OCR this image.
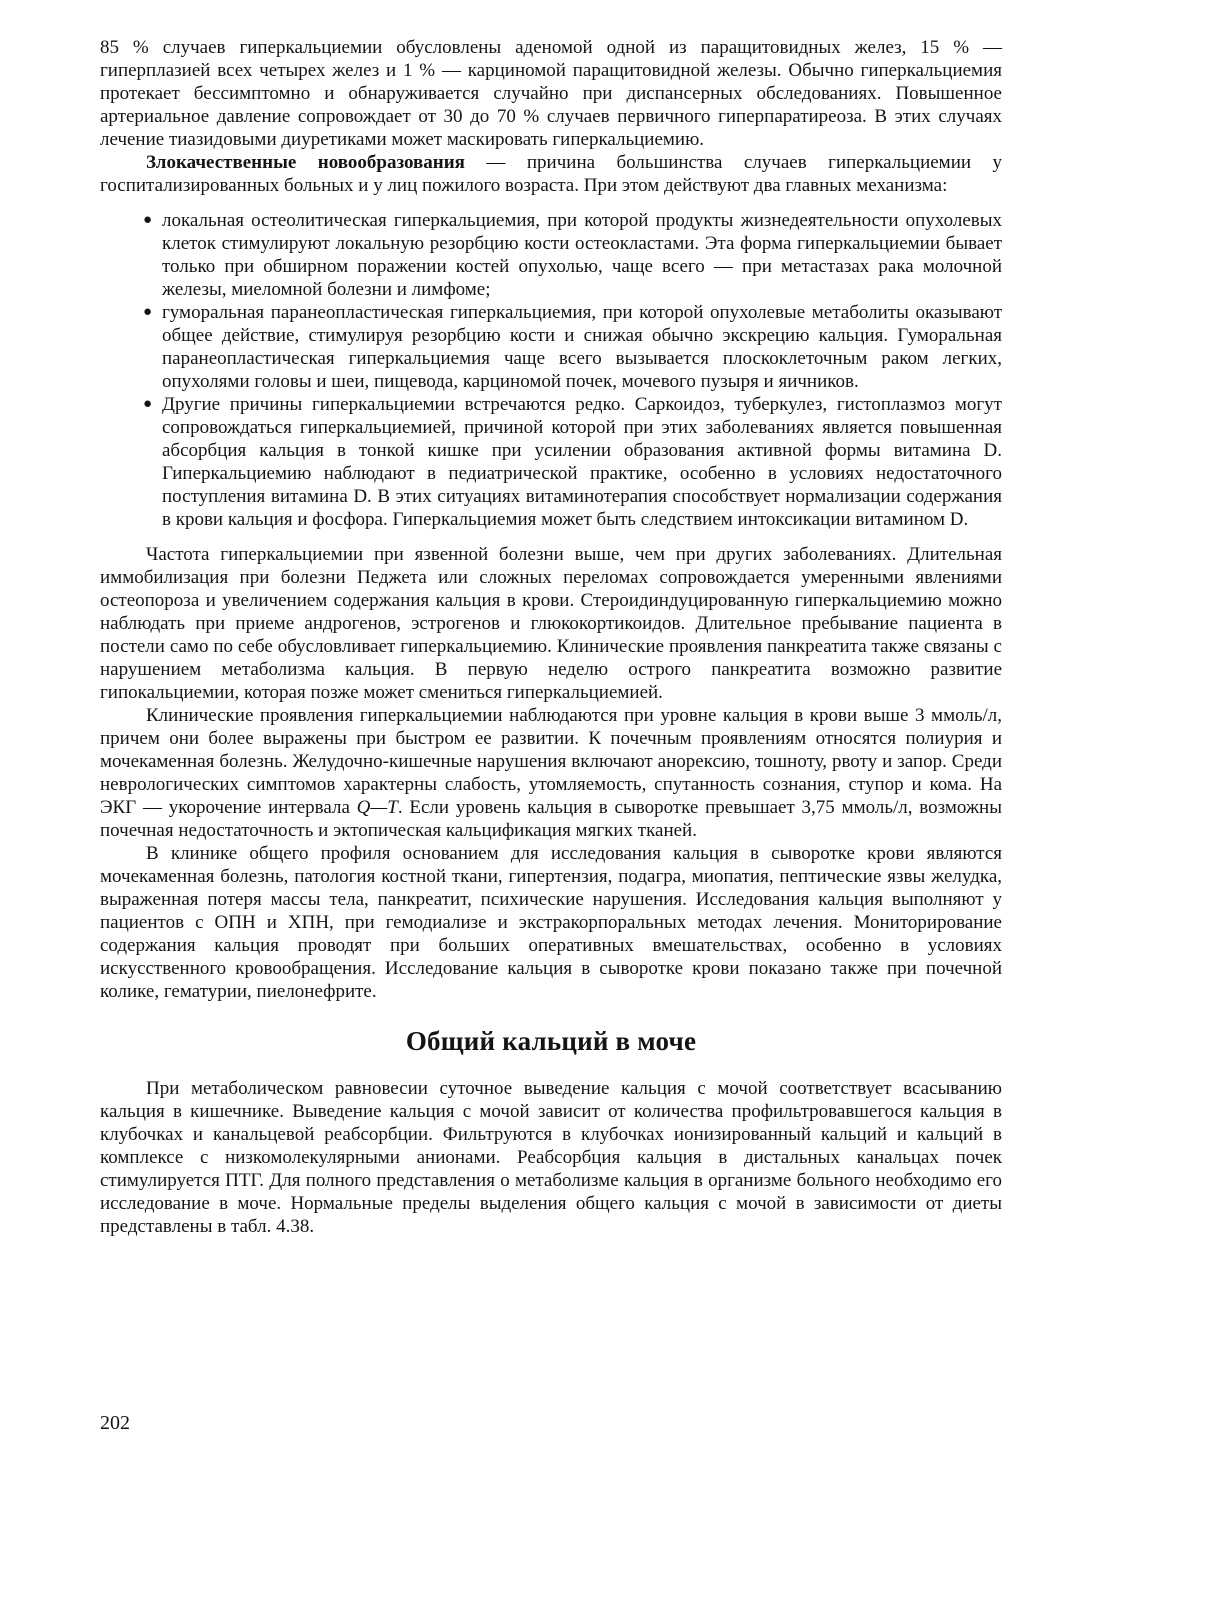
85 % случаев гиперкальциемии обусловлены аденомой одной из паращитовидных желез, 15 % — гиперплазией всех четырех желез и 1 % — карциномой паращитовидной железы. Обычно гиперкальциемия протекает бессимптомно и обнаруживается случайно при диспансерных обследованиях. Повышенное артериальное давление сопровождает от 30 до 70 % случаев первичного гиперпаратиреоза. В этих случаях лечение тиазидовыми диуретиками может маскировать гиперкальциемию.

Злокачественные новообразования — причина большинства случаев гиперкальциемии у госпитализированных больных и у лиц пожилого возраста. При этом действуют два главных механизма:

● локальная остеолитическая гиперкальциемия, при которой продукты жизнедеятельности опухолевых клеток стимулируют локальную резорбцию кости остеокластами. Эта форма гиперкальциемии бывает только при обширном поражении костей опухолью, чаще всего — при метастазах рака молочной железы, миеломной болезни и лимфоме;
● гуморальная паранеопластическая гиперкальциемия, при которой опухолевые метаболиты оказывают общее действие, стимулируя резорбцию кости и снижая обычно экскрецию кальция. Гуморальная паранеопластическая гиперкальциемия чаще всего вызывается плоскоклеточным раком легких, опухолями головы и шеи, пищевода, карциномой почек, мочевого пузыря и яичников.
● Другие причины гиперкальциемии встречаются редко. Саркоидоз, туберкулез, гистоплазмоз могут сопровождаться гиперкальциемией, причиной которой при этих заболеваниях является повышенная абсорбция кальция в тонкой кишке при усилении образования активной формы витамина D. Гиперкальциемию наблюдают в педиатрической практике, особенно в условиях недостаточного поступления витамина D. В этих ситуациях витаминотерапия способствует нормализации содержания в крови кальция и фосфора. Гиперкальциемия может быть следствием интоксикации витамином D.

Частота гиперкальциемии при язвенной болезни выше, чем при других заболеваниях. Длительная иммобилизация при болезни Педжета или сложных переломах сопровождается умеренными явлениями остеопороза и увеличением содержания кальция в крови. Стероидиндуцированную гиперкальциемию можно наблюдать при приеме андрогенов, эстрогенов и глюкокортикоидов. Длительное пребывание пациента в постели само по себе обусловливает гиперкальциемию. Клинические проявления панкреатита также связаны с нарушением метаболизма кальция. В первую неделю острого панкреатита возможно развитие гипокальциемии, которая позже может смениться гиперкальциемией.

Клинические проявления гиперкальциемии наблюдаются при уровне кальция в крови выше 3 ммоль/л, причем они более выражены при быстром ее развитии. К почечным проявлениям относятся полиурия и мочекаменная болезнь. Желудочно-кишечные нарушения включают анорексию, тошноту, рвоту и запор. Среди неврологических симптомов характерны слабость, утомляемость, спутанность сознания, ступор и кома. На ЭКГ — укорочение интервала Q—T. Если уровень кальция в сыворотке превышает 3,75 ммоль/л, возможны почечная недостаточность и эктопическая кальцификация мягких тканей.

В клинике общего профиля основанием для исследования кальция в сыворотке крови являются мочекаменная болезнь, патология костной ткани, гипертензия, подагра, миопатия, пептические язвы желудка, выраженная потеря массы тела, панкреатит, психические нарушения. Исследования кальция выполняют у пациентов с ОПН и ХПН, при гемодиализе и экстракорпоральных методах лечения. Мониторирование содержания кальция проводят при больших оперативных вмешательствах, особенно в условиях искусственного кровообращения. Исследование кальция в сыворотке крови показано также при почечной колике, гематурии, пиелонефрите.

Общий кальций в моче

При метаболическом равновесии суточное выведение кальция с мочой соответствует всасыванию кальция в кишечнике. Выведение кальция с мочой зависит от количества профильтровавшегося кальция в клубочках и канальцевой реабсорбции. Фильтруются в клубочках ионизированный кальций и кальций в комплексе с низкомолекулярными анионами. Реабсорбция кальция в дистальных канальцах почек стимулируется ПТГ. Для полного представления о метаболизме кальция в организме больного необходимо его исследование в моче. Нормальные пределы выделения общего кальция с мочой в зависимости от диеты представлены в табл. 4.38.

202
